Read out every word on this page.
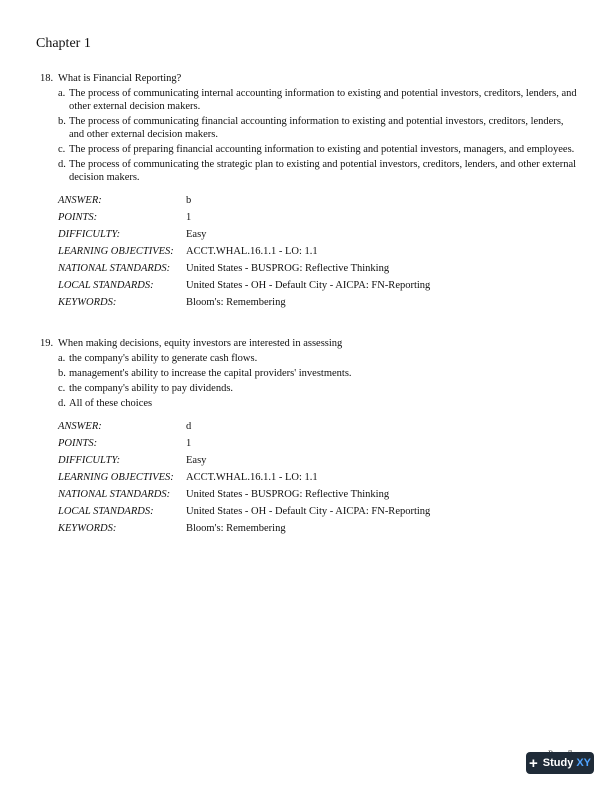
Chapter 1
18. What is Financial Reporting?
a. The process of communicating internal accounting information to existing and potential investors, creditors, lenders, and other external decision makers.
b. The process of communicating financial accounting information to existing and potential investors, creditors, lenders, and other external decision makers.
c. The process of preparing financial accounting information to existing and potential investors, managers, and employees.
d. The process of communicating the strategic plan to existing and potential investors, creditors, lenders, and other external decision makers.
ANSWER:	b
POINTS:	1
DIFFICULTY:	Easy
LEARNING OBJECTIVES:	ACCT.WHAL.16.1.1 - LO: 1.1
NATIONAL STANDARDS:	United States - BUSPROG: Reflective Thinking
LOCAL STANDARDS:	United States - OH - Default City - AICPA: FN-Reporting
KEYWORDS:	Bloom's: Remembering
19. When making decisions, equity investors are interested in assessing
a. the company's ability to generate cash flows.
b. management's ability to increase the capital providers' investments.
c. the company's ability to pay dividends.
d. All of these choices
ANSWER:	d
POINTS:	1
DIFFICULTY:	Easy
LEARNING OBJECTIVES:	ACCT.WHAL.16.1.1 - LO: 1.1
NATIONAL STANDARDS:	United States - BUSPROG: Reflective Thinking
LOCAL STANDARDS:	United States - OH - Default City - AICPA: FN-Reporting
KEYWORDS:	Bloom's: Remembering
+ Study XY
